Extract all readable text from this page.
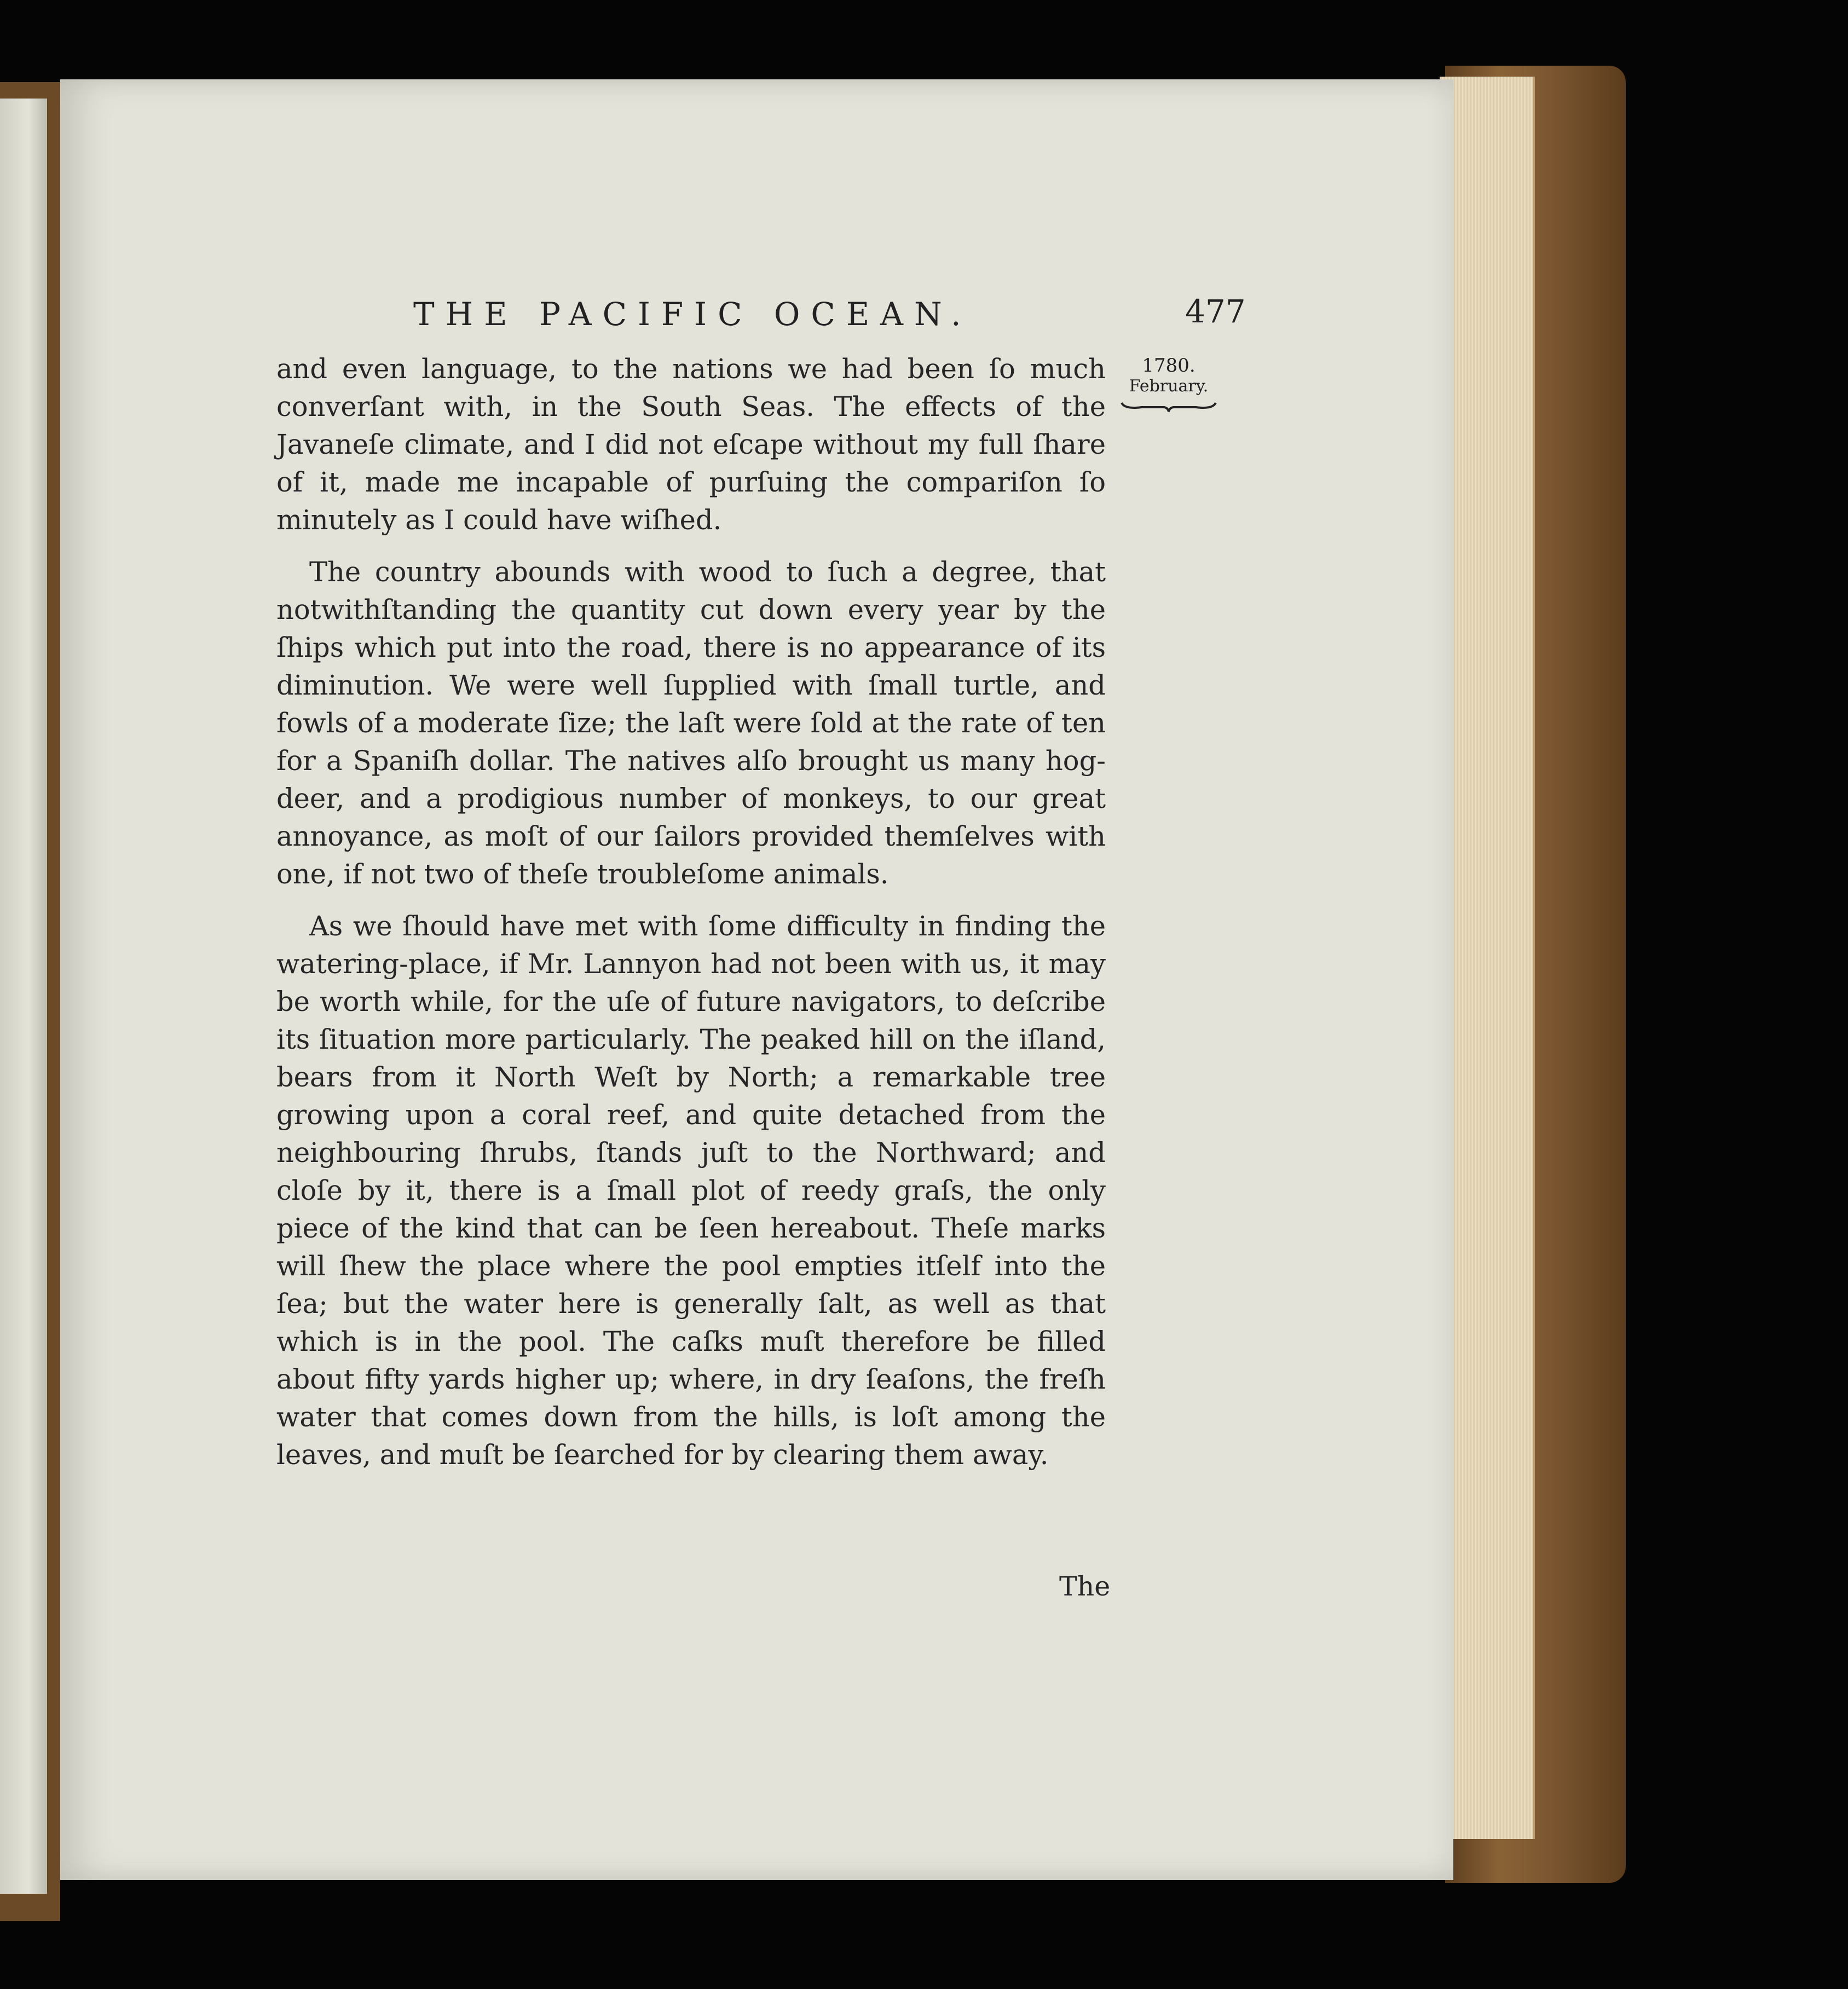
THE PACIFIC OCEAN.	477
1780.
February.

and even language, to the nations we had been ſo much converſant with, in the South Seas. The effects of the Javaneſe climate, and I did not eſcape without my full ſhare of it, made me incapable of purſuing the compariſon ſo minutely as I could have wiſhed.

The country abounds with wood to ſuch a degree, that notwithſtanding the quantity cut down every year by the ſhips which put into the road, there is no appearance of its diminution. We were well ſupplied with ſmall turtle, and fowls of a moderate ſize; the laſt were ſold at the rate of ten for a Spaniſh dollar. The natives alſo brought us many hog-deer, and a prodigious number of monkeys, to our great annoyance, as moſt of our ſailors provided themſelves with one, if not two of theſe troubleſome animals.

As we ſhould have met with ſome difficulty in finding the watering-place, if Mr. Lannyon had not been with us, it may be worth while, for the uſe of future navigators, to deſcribe its ſituation more particularly. The peaked hill on the iſland, bears from it North Weſt by North; a remarkable tree growing upon a coral reef, and quite detached from the neighbouring ſhrubs, ſtands juſt to the Northward; and cloſe by it, there is a ſmall plot of reedy graſs, the only piece of the kind that can be ſeen hereabout. Theſe marks will ſhew the place where the pool empties itſelf into the ſea; but the water here is generally ſalt, as well as that which is in the pool. The caſks muſt therefore be filled about fifty yards higher up; where, in dry ſeaſons, the freſh water that comes down from the hills, is loſt among the leaves, and muſt be ſearched for by clearing them away.

The
